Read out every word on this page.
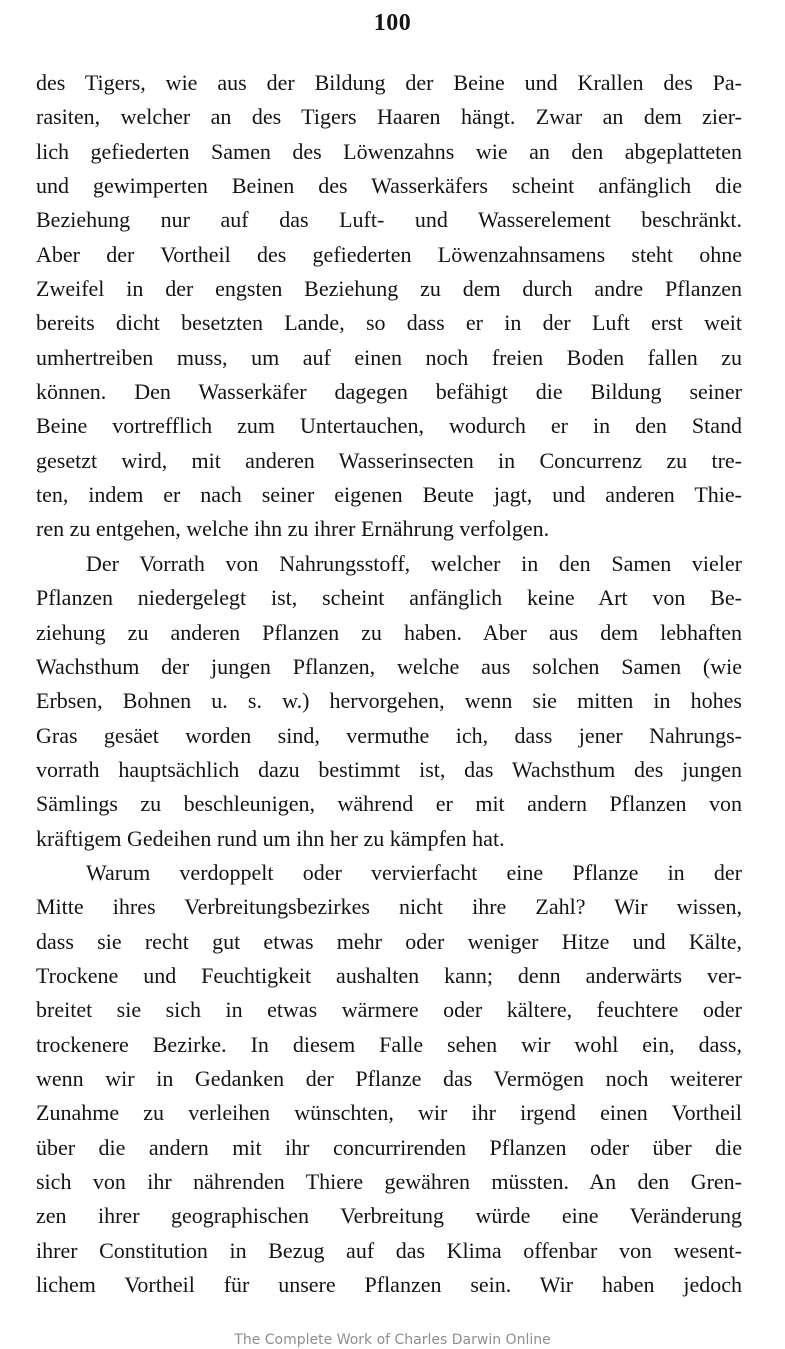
100
des Tigers, wie aus der Bildung der Beine und Krallen des Pa-
rasiten, welcher an des Tigers Haaren hängt. Zwar an dem zier-
lich gefiederten Samen des Löwenzahns wie an den abgeplatteten
und gewimperten Beinen des Wasserkäfers scheint anfänglich die
Beziehung nur auf das Luft- und Wasserelement beschränkt.
Aber der Vortheil des gefiederten Löwenzahnsamens steht ohne
Zweifel in der engsten Beziehung zu dem durch andre Pflanzen
bereits dicht besetzten Lande, so dass er in der Luft erst weit
umhertreiben muss, um auf einen noch freien Boden fallen zu
können. Den Wasserkäfer dagegen befähigt die Bildung seiner
Beine vortrefflich zum Untertauchen, wodurch er in den Stand
gesetzt wird, mit anderen Wasserinsecten in Concurrenz zu tre-
ten, indem er nach seiner eigenen Beute jagt, und anderen Thie-
ren zu entgehen, welche ihn zu ihrer Ernährung verfolgen.
Der Vorrath von Nahrungsstoff, welcher in den Samen vieler
Pflanzen niedergelegt ist, scheint anfänglich keine Art von Be-
ziehung zu anderen Pflanzen zu haben. Aber aus dem lebhaften
Wachsthum der jungen Pflanzen, welche aus solchen Samen (wie
Erbsen, Bohnen u. s. w.) hervorgehen, wenn sie mitten in hohes
Gras gesäet worden sind, vermuthe ich, dass jener Nahrungs-
vorrath hauptsächlich dazu bestimmt ist, das Wachsthum des jungen
Sämlings zu beschleunigen, während er mit andern Pflanzen von
kräftigem Gedeihen rund um ihn her zu kämpfen hat.
Warum verdoppelt oder vervierfacht eine Pflanze in der
Mitte ihres Verbreitungsbezirkes nicht ihre Zahl? Wir wissen,
dass sie recht gut etwas mehr oder weniger Hitze und Kälte,
Trockene und Feuchtigkeit aushalten kann; denn anderwärts ver-
breitet sie sich in etwas wärmere oder kältere, feuchtere oder
trockenere Bezirke. In diesem Falle sehen wir wohl ein, dass,
wenn wir in Gedanken der Pflanze das Vermögen noch weiterer
Zunahme zu verleihen wünschten, wir ihr irgend einen Vortheil
über die andern mit ihr concurrirenden Pflanzen oder über die
sich von ihr nährenden Thiere gewähren müssten. An den Gren-
zen ihrer geographischen Verbreitung würde eine Veränderung
ihrer Constitution in Bezug auf das Klima offenbar von wesent-
lichem Vortheil für unsere Pflanzen sein. Wir haben jedoch
The Complete Work of Charles Darwin Online
